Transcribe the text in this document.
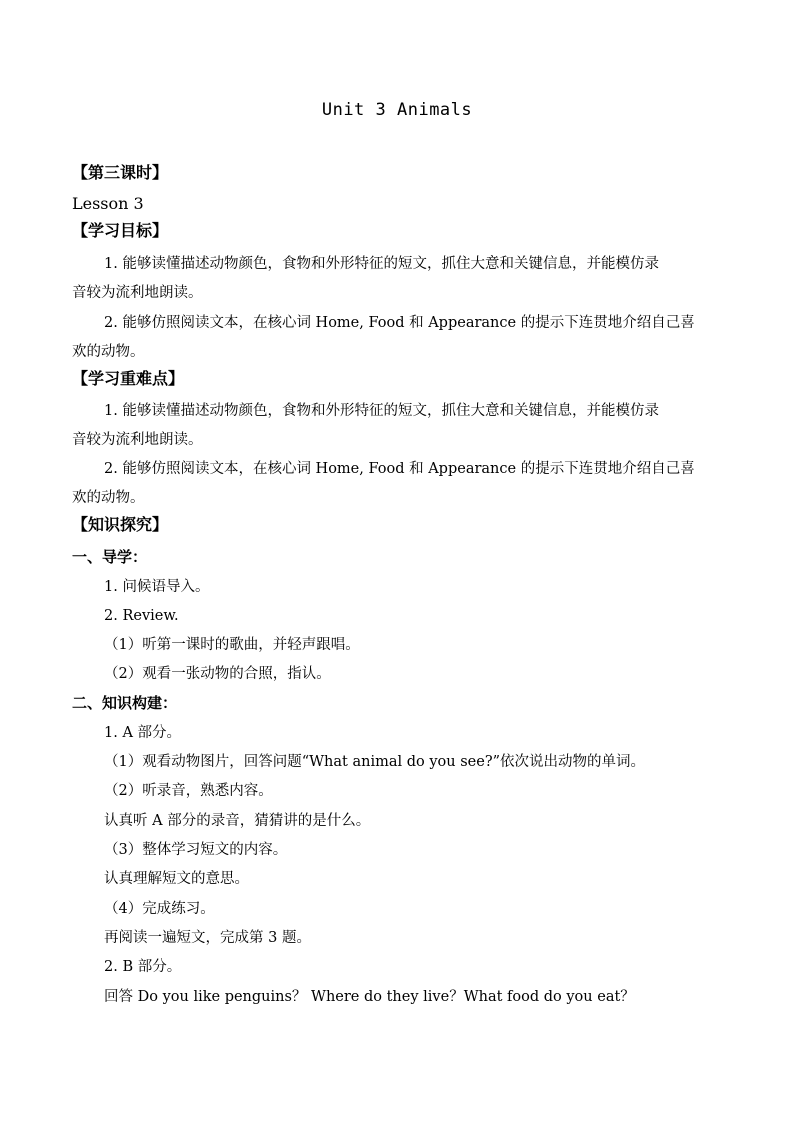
Unit 3 Animals
【第三课时】
Lesson 3
【学习目标】
1. 能够读懂描述动物颜色，食物和外形特征的短文，抓住大意和关键信息，并能模仿录
音较为流利地朗读。
2. 能够仿照阅读文本，在核心词 Home, Food 和 Appearance 的提示下连贯地介绍自己喜
欢的动物。
【学习重难点】
1. 能够读懂描述动物颜色，食物和外形特征的短文，抓住大意和关键信息，并能模仿录
音较为流利地朗读。
2. 能够仿照阅读文本，在核心词 Home, Food 和 Appearance 的提示下连贯地介绍自己喜
欢的动物。
【知识探究】
一、导学：
1. 问候语导入。
2. Review.
（1）听第一课时的歌曲，并轻声跟唱。
（2）观看一张动物的合照，指认。
二、知识构建：
1. A 部分。
（1）观看动物图片，回答问题“What animal do you see?”依次说出动物的单词。
（2）听录音，熟悉内容。
认真听 A 部分的录音，猜猜讲的是什么。
（3）整体学习短文的内容。
认真理解短文的意思。
（4）完成练习。
再阅读一遍短文，完成第 3 题。
2. B 部分。
回答 Do you like penguins？ Where do they live？What food do you eat？
